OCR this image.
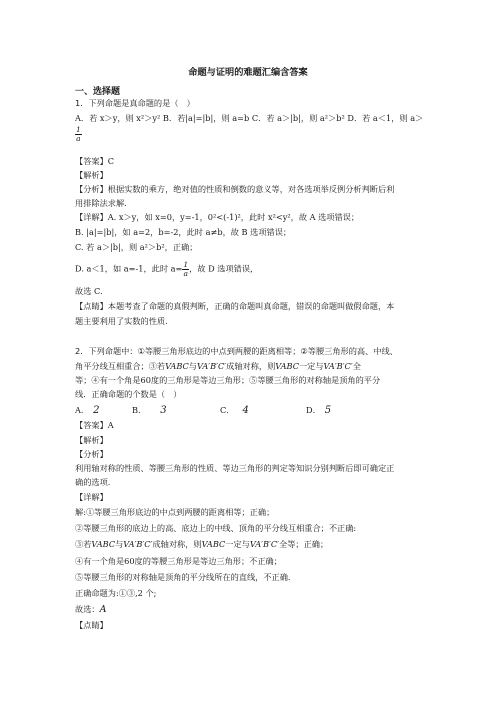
命题与证明的难题汇编含答案
一、选择题
1．下列命题是真命题的是（　）
A．若 x＞y，则 x²＞y² B．若|a|=|b|，则 a=b C．若 a＞|b|，则 a²＞b² D．若 a＜1，则 a＞
$\frac{1}{a}$
【答案】C
【解析】
【分析】根据实数的乘方，绝对值的性质和倒数的意义等，对各选项举反例分析判断后利
用排除法求解.
【详解】A. x＞y，如 x=0，y=-1，0²<(-1)²，此时 x²<y²，故 A 选项错误；
B. |a|=|b|，如 a=2，b=-2，此时 a≠b，故 B 选项错误；
C. 若 a＞|b|，则 a²＞b²，正确；
D. a＜1，如 a=-1，此时 $a= \frac{1}{a}$ ，故 D 选项错误，
故选 C.
【点睛】本题考查了命题的真假判断，正确的命题叫真命题，错误的命题叫做假命题，本
题主要利用了实数的性质.
2．下列命题中：①等腰三角形底边的中点到两腰的距离相等；②等腰三角形的高、中线、
角平分线互相重合；③若VABC与VA′B′C′成轴对称，则VABC一定与VA′B′C′全
等；④有一个角是60度的三角形是等边三角形；⑤等腰三角形的对称轴是顶角的平分
线．正确命题的个数是（　）
A． 2	B． 3	C． 4	D． 5
【答案】A
【解析】
【分析】
利用轴对称的性质、等腰三角形的性质、等边三角形的判定等知识分别判断后即可确定正
确的选项.
【详解】
解:①等腰三角形底边的中点到两腰的距离相等；正确；
②等腰三角形的底边上的高、底边上的中线、顶角的平分线互相重合；不正确:
③若VABC与VA′B′C′成轴对称，则VABC一定与VA′B′C′全等；正确；
④有一个角是60度的等腰三角形是等边三角形；不正确；
⑤等腰三角形的对称轴是顶角的平分线所在的直线，不正确.
正确命题为:①③,2 个;
故选：A
【点睛】
